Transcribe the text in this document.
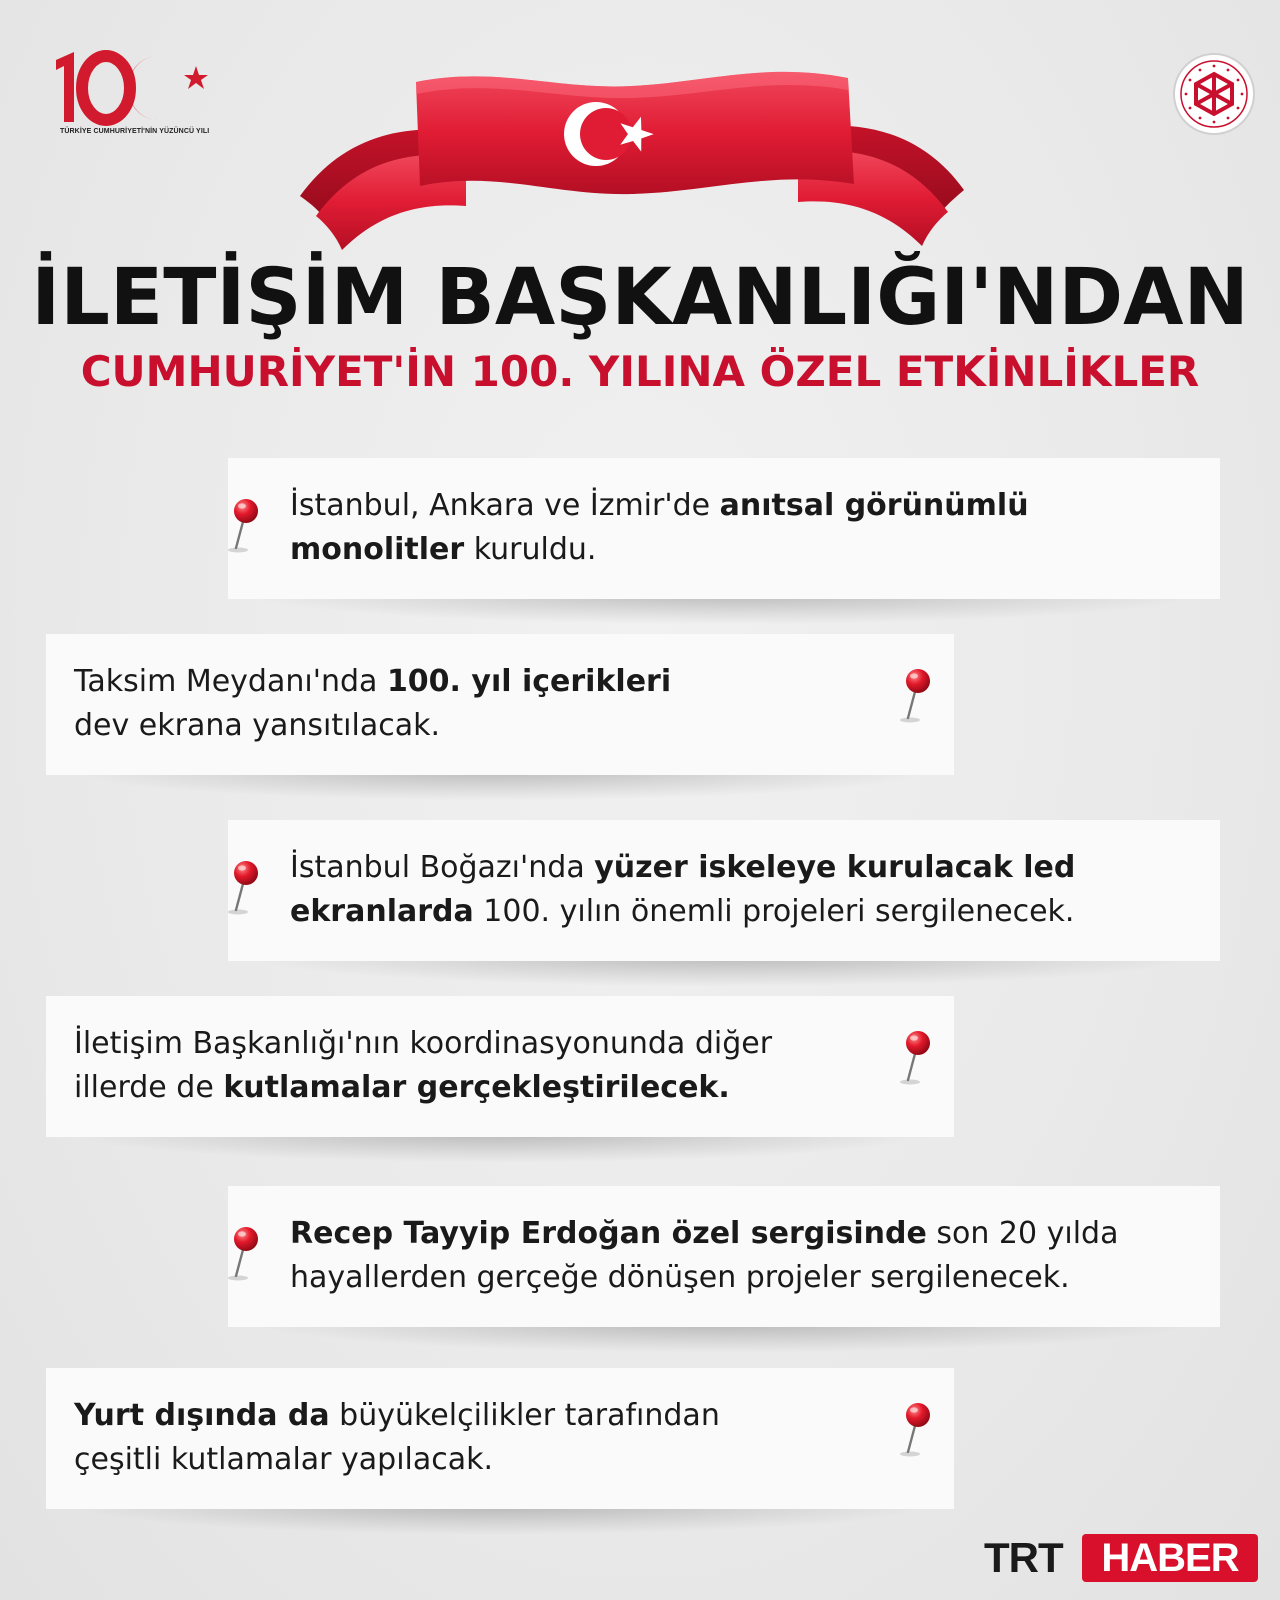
TÜRKİYE CUMHURİYETİ'NİN YÜZÜNCÜ YILI
İLETİŞİM BAŞKANLIĞI'NDAN
CUMHURİYET'İN 100. YILINA ÖZEL ETKİNLİKLER
İstanbul, Ankara ve İzmir'de anıtsal görünümlü
monolitler kuruldu.
Taksim Meydanı'nda 100. yıl içerikleri
dev ekrana yansıtılacak.
İstanbul Boğazı'nda yüzer iskeleye kurulacak led
ekranlarda 100. yılın önemli projeleri sergilenecek.
İletişim Başkanlığı'nın koordinasyonunda diğer
illerde de kutlamalar gerçekleştirilecek.
Recep Tayyip Erdoğan özel sergisinde son 20 yılda
hayallerden gerçeğe dönüşen projeler sergilenecek.
Yurt dışında da büyükelçilikler tarafından
çeşitli kutlamalar yapılacak.
TRT HABER
